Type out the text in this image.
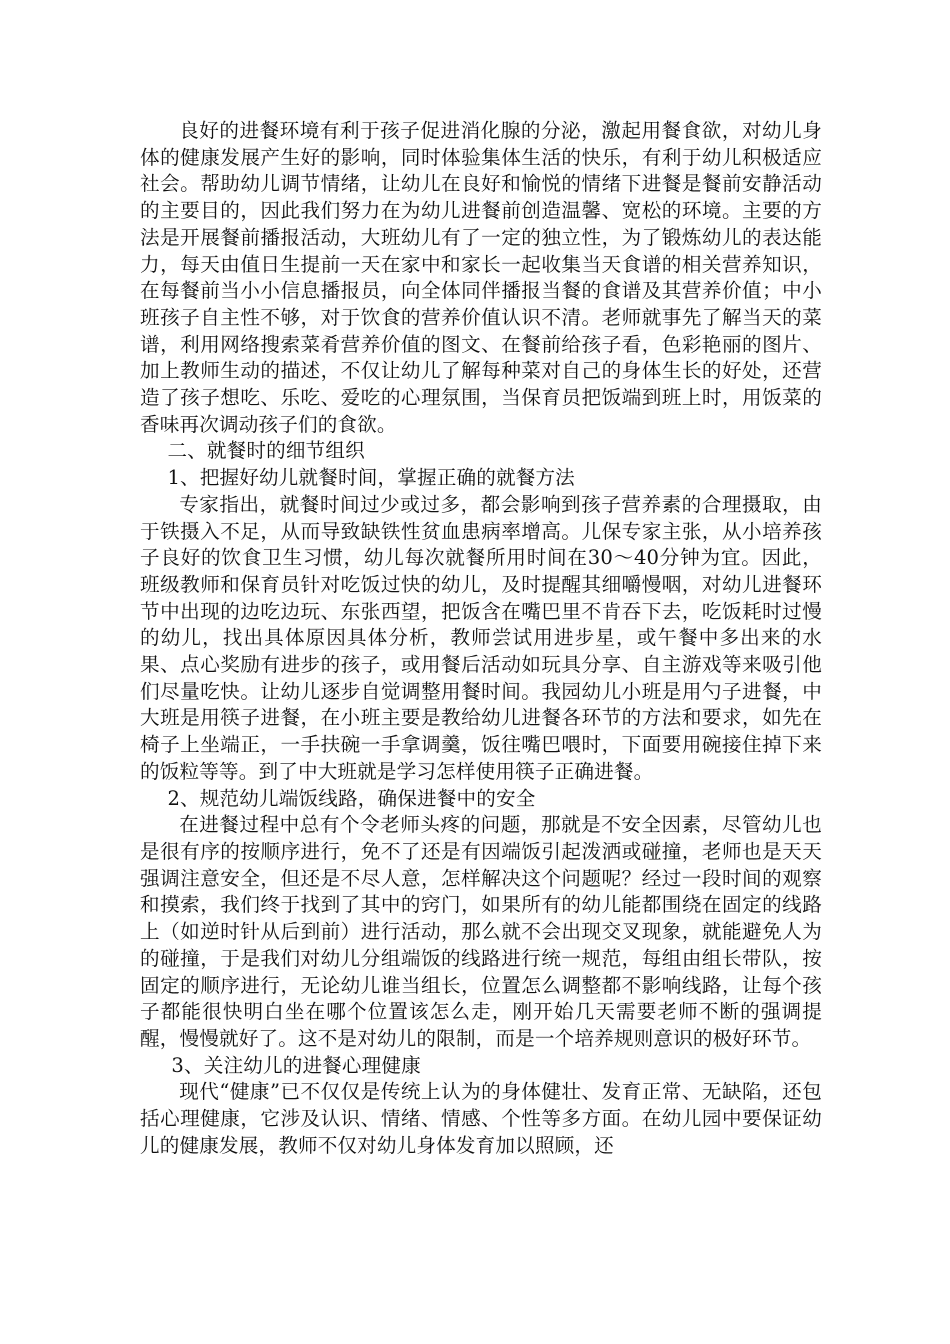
良好的进餐环境有利于孩子促进消化腺的分泌，激起用餐食欲，对幼儿身体的健康发展产生好的影响，同时体验集体生活的快乐，有利于幼儿积极适应社会。帮助幼儿调节情绪，让幼儿在良好和愉悦的情绪下进餐是餐前安静活动的主要目的，因此我们努力在为幼儿进餐前创造温馨、宽松的环境。主要的方法是开展餐前播报活动，大班幼儿有了一定的独立性，为了锻炼幼儿的表达能力，每天由值日生提前一天在家中和家长一起收集当天食谱的相关营养知识，在每餐前当小小信息播报员，向全体同伴播报当餐的食谱及其营养价值；中小班孩子自主性不够，对于饮食的营养价值认识不清。老师就事先了解当天的菜谱，利用网络搜索菜肴营养价值的图文、在餐前给孩子看，色彩艳丽的图片、加上教师生动的描述，不仅让幼儿了解每种菜对自己的身体生长的好处，还营造了孩子想吃、乐吃、爱吃的心理氛围，当保育员把饭端到班上时，用饭菜的香味再次调动孩子们的食欲。

二、就餐时的细节组织

1、把握好幼儿就餐时间，掌握正确的就餐方法

专家指出，就餐时间过少或过多，都会影响到孩子营养素的合理摄取，由于铁摄入不足，从而导致缺铁性贫血患病率增高。儿保专家主张，从小培养孩子良好的饮食卫生习惯，幼儿每次就餐所用时间在30～40分钟为宜。因此，班级教师和保育员针对吃饭过快的幼儿，及时提醒其细嚼慢咽，对幼儿进餐环节中出现的边吃边玩、东张西望，把饭含在嘴巴里不肯吞下去，吃饭耗时过慢的幼儿，找出具体原因具体分析，教师尝试用进步星，或午餐中多出来的水果、点心奖励有进步的孩子，或用餐后活动如玩具分享、自主游戏等来吸引他们尽量吃快。让幼儿逐步自觉调整用餐时间。我园幼儿小班是用勺子进餐，中大班是用筷子进餐，在小班主要是教给幼儿进餐各环节的方法和要求，如先在椅子上坐端正，一手扶碗一手拿调羹，饭往嘴巴喂时，下面要用碗接住掉下来的饭粒等等。到了中大班就是学习怎样使用筷子正确进餐。

2、规范幼儿端饭线路，确保进餐中的安全

在进餐过程中总有个令老师头疼的问题，那就是不安全因素，尽管幼儿也是很有序的按顺序进行，免不了还是有因端饭引起泼洒或碰撞，老师也是天天强调注意安全，但还是不尽人意，怎样解决这个问题呢？经过一段时间的观察和摸索，我们终于找到了其中的窍门，如果所有的幼儿能都围绕在固定的线路上（如逆时针从后到前）进行活动，那么就不会出现交叉现象，就能避免人为的碰撞，于是我们对幼儿分组端饭的线路进行统一规范，每组由组长带队，按固定的顺序进行，无论幼儿谁当组长，位置怎么调整都不影响线路，让每个孩子都能很快明白坐在哪个位置该怎么走，刚开始几天需要老师不断的强调提醒，慢慢就好了。这不是对幼儿的限制，而是一个培养规则意识的极好环节。

3、关注幼儿的进餐心理健康

现代“健康”已不仅仅是传统上认为的身体健壮、发育正常、无缺陷，还包括心理健康，它涉及认识、情绪、情感、个性等多方面。在幼儿园中要保证幼儿的健康发展，教师不仅对幼儿身体发育加以照顾，还
